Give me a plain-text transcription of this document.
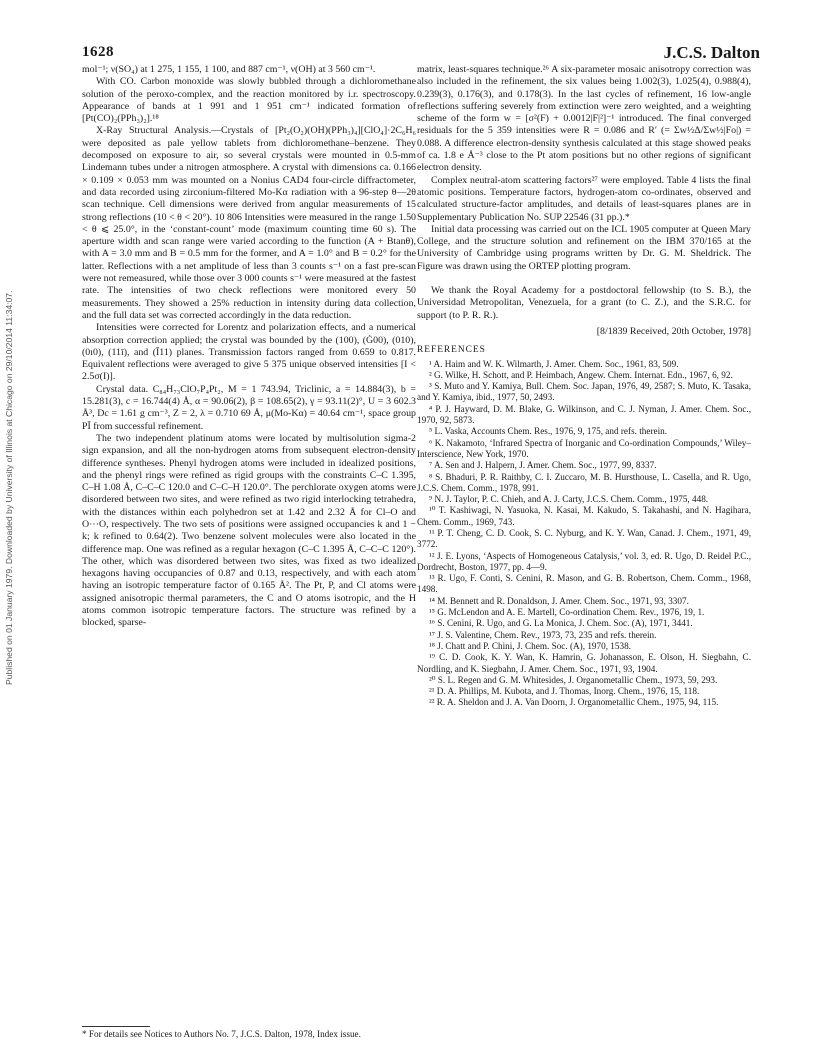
1628	J.C.S. Dalton
Published on 01 January 1979. Downloaded by University of Illinois at Chicago on 29/10/2014 11:34:07.

mol⁻¹; ν(SO₄) at 1 275, 1 155, 1 100, and 887 cm⁻¹, ν(OH) at 3 560 cm⁻¹.

With CO. Carbon monoxide was slowly bubbled through a dichloromethane solution of the peroxo-complex, and the reaction monitored by i.r. spectroscopy. Appearance of bands at 1 991 and 1 951 cm⁻¹ indicated formation of [Pt(CO)₂(PPh₃)₂].¹⁸

X-Ray Structural Analysis.—Crystals of [Pt₂(O₂)(OH)(PPh₃)₄][ClO₄]·2C₆H₆ were deposited as pale yellow tablets from dichloromethane–benzene. They decomposed on exposure to air, so several crystals were mounted in 0.5-mm Lindemann tubes under a nitrogen atmosphere. A crystal with dimensions ca. 0.166 × 0.109 × 0.053 mm was mounted on a Nonius CAD4 four-circle diffractometer, and data recorded using zirconium-filtered Mo-Kα radiation with a 96-step θ—2θ scan technique. Cell dimensions were derived from angular measurements of 15 strong reflections (10 < θ < 20°). 10 806 Intensities were measured in the range 1.50 < θ ⩽ 25.0°, in the ‘constant-count’ mode (maximum counting time 60 s). The aperture width and scan range were varied according to the function (A + Btanθ), with A = 3.0 mm and B = 0.5 mm for the former, and A = 1.0° and B = 0.2° for the latter. Reflections with a net amplitude of less than 3 counts s⁻¹ on a fast pre-scan were not remeasured, while those over 3 000 counts s⁻¹ were measured at the fastest rate. The intensities of two check reflections were monitored every 50 measurements. They showed a 25% reduction in intensity during data collection, and the full data set was corrected accordingly in the data reduction.

Intensities were corrected for Lorentz and polarization effects, and a numerical absorption correction applied; the crystal was bounded by the (100), (Ġ00), (010), (0ı0), (11ī), and (Ī11) planes. Transmission factors ranged from 0.659 to 0.817. Equivalent reflections were averaged to give 5 375 unique observed intensities [I < 2.5σ(I)].

Crystal data. C₈₄H₇₃ClO₇P₄Pt₂, M = 1 743.94, Triclinic, a = 14.884(3), b = 15.281(3), c = 16.744(4) Å, α = 90.06(2), β = 108.65(2), γ = 93.11(2)°, U = 3 602.3 Å³, Dc = 1.61 g cm⁻³, Z = 2, λ = 0.710 69 Å, μ(Mo-Kα) = 40.64 cm⁻¹, space group PĪ from successful refinement.

The two independent platinum atoms were located by multisolution sigma-2 sign expansion, and all the non-hydrogen atoms from subsequent electron-density difference syntheses. Phenyl hydrogen atoms were included in idealized positions, and the phenyl rings were refined as rigid groups with the constraints C–C 1.395, C–H 1.08 Å, C–C–C 120.0 and C–C–H 120.0°. The perchlorate oxygen atoms were disordered between two sites, and were refined as two rigid interlocking tetrahedra, with the distances within each polyhedron set at 1.42 and 2.32 Å for Cl–O and O···O, respectively. The two sets of positions were assigned occupancies k and 1 − k; k refined to 0.64(2). Two benzene solvent molecules were also located in the difference map. One was refined as a regular hexagon (C–C 1.395 Å, C–C–C 120°). The other, which was disordered between two sites, was fixed as two idealized hexagons having occupancies of 0.87 and 0.13, respectively, and with each atom having an isotropic temperature factor of 0.165 Å². The Pt, P, and Cl atoms were assigned anisotropic thermal parameters, the C and O atoms isotropic, and the H atoms common isotropic temperature factors. The structure was refined by a blocked, sparse-

* For details see Notices to Authors No. 7, J.C.S. Dalton, 1978, Index issue.

matrix, least-squares technique.²⁶ A six-parameter mosaic anisotropy correction was also included in the refinement, the six values being 1.002(3), 1.025(4), 0.988(4), 0.239(3), 0.176(3), and 0.178(3). In the last cycles of refinement, 16 low-angle reflections suffering severely from extinction were zero weighted, and a weighting scheme of the form w = [σ²(F) + 0.0012|F|²]⁻¹ introduced. The final converged residuals for the 5 359 intensities were R = 0.086 and R′ (= Σw½Δ/Σw½|Fo|) = 0.088. A difference electron-density synthesis calculated at this stage showed peaks of ca. 1.8 e Å⁻³ close to the Pt atom positions but no other regions of significant electron density.

Complex neutral-atom scattering factors²⁷ were employed. Table 4 lists the final atomic positions. Temperature factors, hydrogen-atom co-ordinates, observed and calculated structure-factor amplitudes, and details of least-squares planes are in Supplementary Publication No. SUP 22546 (31 pp.).*

Initial data processing was carried out on the ICL 1905 computer at Queen Mary College, and the structure solution and refinement on the IBM 370/165 at the University of Cambridge using programs written by Dr. G. M. Sheldrick. The Figure was drawn using the ORTEP plotting program.

We thank the Royal Academy for a postdoctoral fellowship (to S. B.), the Universidad Metropolitan, Venezuela, for a grant (to C. Z.), and the S.R.C. for support (to P. R. R.).

[8/1839 Received, 20th October, 1978]

REFERENCES

¹ A. Haim and W. K. Wilmarth, J. Amer. Chem. Soc., 1961, 83, 509.

² G. Wilke, H. Schott, and P. Heimbach, Angew. Chem. Internat. Edn., 1967, 6, 92.

³ S. Muto and Y. Kamiya, Bull. Chem. Soc. Japan, 1976, 49, 2587; S. Muto, K. Tasaka, and Y. Kamiya, ibid., 1977, 50, 2493.

⁴ P. J. Hayward, D. M. Blake, G. Wilkinson, and C. J. Nyman, J. Amer. Chem. Soc., 1970, 92, 5873.

⁵ L. Vaska, Accounts Chem. Res., 1976, 9, 175, and refs. therein.

⁶ K. Nakamoto, ‘Infrared Spectra of Inorganic and Co-ordination Compounds,’ Wiley–Interscience, New York, 1970.

⁷ A. Sen and J. Halpern, J. Amer. Chem. Soc., 1977, 99, 8337.

⁸ S. Bhaduri, P. R. Raithby, C. I. Zuccaro, M. B. Hursthouse, L. Casella, and R. Ugo, J.C.S. Chem. Comm., 1978, 991.

⁹ N. J. Taylor, P. C. Chieh, and A. J. Carty, J.C.S. Chem. Comm., 1975, 448.

¹⁰ T. Kashiwagi, N. Yasuoka, N. Kasai, M. Kakudo, S. Takahashi, and N. Hagihara, Chem. Comm., 1969, 743.

¹¹ P. T. Cheng, C. D. Cook, S. C. Nyburg, and K. Y. Wan, Canad. J. Chem., 1971, 49, 3772.

¹² J. E. Lyons, ‘Aspects of Homogeneous Catalysis,’ vol. 3, ed. R. Ugo, D. Reidel P.C., Dordrecht, Boston, 1977, pp. 4—9.

¹³ R. Ugo, F. Conti, S. Cenini, R. Mason, and G. B. Robertson, Chem. Comm., 1968, 1498.

¹⁴ M. Bennett and R. Donaldson, J. Amer. Chem. Soc., 1971, 93, 3307.

¹⁵ G. McLendon and A. E. Martell, Co-ordination Chem. Rev., 1976, 19, 1.

¹⁶ S. Cenini, R. Ugo, and G. La Monica, J. Chem. Soc. (A), 1971, 3441.

¹⁷ J. S. Valentine, Chem. Rev., 1973, 73, 235 and refs. therein.

¹⁸ J. Chatt and P. Chini, J. Chem. Soc. (A), 1970, 1538.

¹⁹ C. D. Cook, K. Y. Wan, K. Hamrin, G. Johanasson, E. Olson, H. Siegbahn, C. Nordling, and K. Siegbahn, J. Amer. Chem. Soc., 1971, 93, 1904.

²⁰ S. L. Regen and G. M. Whitesides, J. Organometallic Chem., 1973, 59, 293.

²¹ D. A. Phillips, M. Kubota, and J. Thomas, Inorg. Chem., 1976, 15, 118.

²² R. A. Sheldon and J. A. Van Doorn, J. Organometallic Chem., 1975, 94, 115.
